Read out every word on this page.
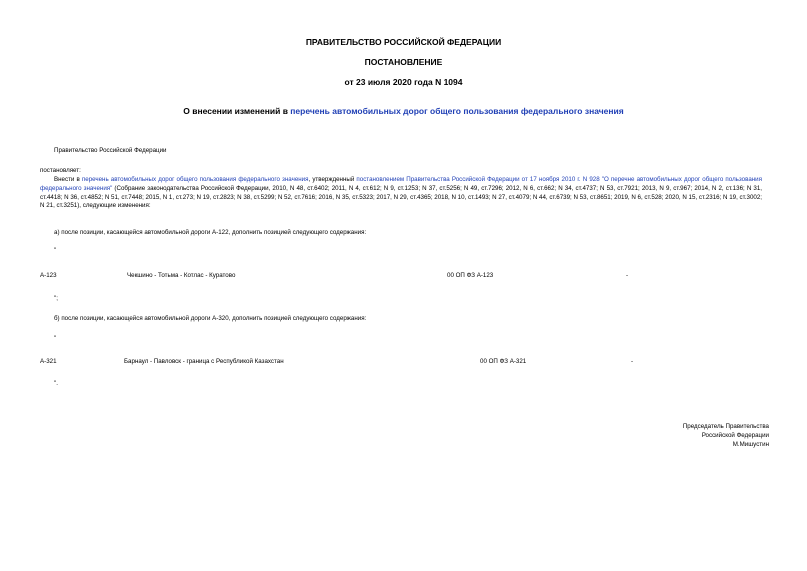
ПРАВИТЕЛЬСТВО РОССИЙСКОЙ ФЕДЕРАЦИИ
ПОСТАНОВЛЕНИЕ
от 23 июля 2020 года N 1094
О внесении изменений в перечень автомобильных дорог общего пользования федерального значения
Правительство Российской Федерации
постановляет:
Внести в перечень автомобильных дорог общего пользования федерального значения, утвержденный постановлением Правительства Российской Федерации от 17 ноября 2010 г. N 928 "О перечне автомобильных дорог общего пользования федерального значения" (Собрание законодательства Российской Федерации, 2010, N 48, ст.6402; 2011, N 4, ст.612; N 9, ст.1253; N 37, ст.5256; N 49, ст.7296; 2012, N 6, ст.662; N 34, ст.4737; N 53, ст.7921; 2013, N 9, ст.967; 2014, N 2, ст.136; N 31, ст.4418; N 36, ст.4852; N 51, ст.7448; 2015, N 1, ст.273; N 19, ст.2823; N 38, ст.5299; N 52, ст.7616; 2016, N 35, ст.5323; 2017, N 29, ст.4365; 2018, N 10, ст.1493; N 27, ст.4079; N 44, ст.6739; N 53, ст.8651; 2019, N 6, ст.528; 2020, N 15, ст.2316; N 19, ст.3002; N 21, ст.3251), следующие изменения:
а) после позиции, касающейся автомобильной дороги А-122, дополнить позицией следующего содержания:
"
А-123	Чекшино - Тотьма - Котлас - Куратово	00 ОП ФЗ А-123	-
";
б) после позиции, касающейся автомобильной дороги А-320, дополнить позицией следующего содержания:
"
А-321	Барнаул - Павловск - граница с Республикой Казахстан	00 ОП ФЗ А-321	-
".
Председатель Правительства
Российской Федерации
М.Мишустин
